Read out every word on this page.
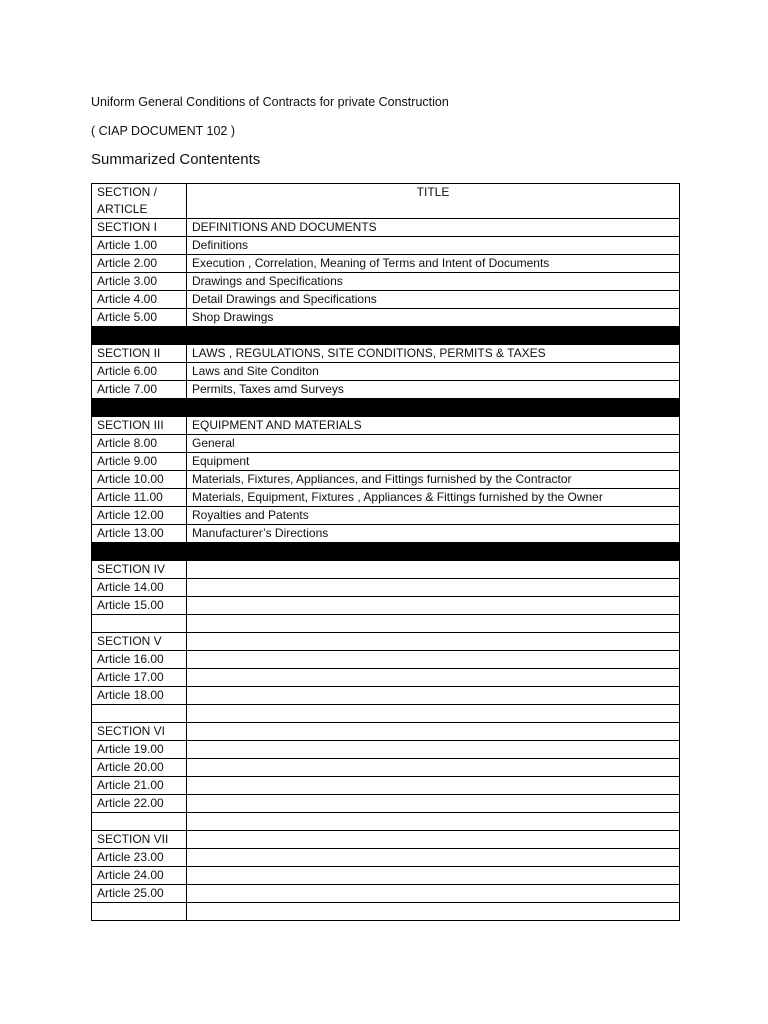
Uniform General Conditions of Contracts for private Construction

( CIAP DOCUMENT 102 )

Summarized Contentents

SECTION / ARTICLE	TITLE
SECTION I	DEFINITIONS AND DOCUMENTS
Article 1.00	Definitions
Article 2.00	Execution , Correlation, Meaning of Terms and Intent of Documents
Article 3.00	Drawings and Specifications
Article 4.00	Detail Drawings and Specifications
Article 5.00	Shop Drawings

SECTION II	LAWS , REGULATIONS, SITE CONDITIONS, PERMITS & TAXES
Article 6.00	Laws and Site Conditon
Article 7.00	Permits, Taxes amd Surveys

SECTION III	EQUIPMENT AND MATERIALS
Article 8.00	General
Article 9.00	Equipment
Article 10.00	Materials, Fixtures, Appliances, and Fittings furnished by the Contractor
Article 11.00	Materials, Equipment, Fixtures , Appliances & Fittings furnished by the Owner
Article 12.00	Royalties and Patents
Article 13.00	Manufacturer’s Directions

SECTION IV	
Article 14.00	
Article 15.00	

SECTION V	
Article 16.00	
Article 17.00	
Article 18.00	

SECTION VI	
Article 19.00	
Article 20.00	
Article 21.00	
Article 22.00	

SECTION VII	
Article 23.00	
Article 24.00	
Article 25.00	
